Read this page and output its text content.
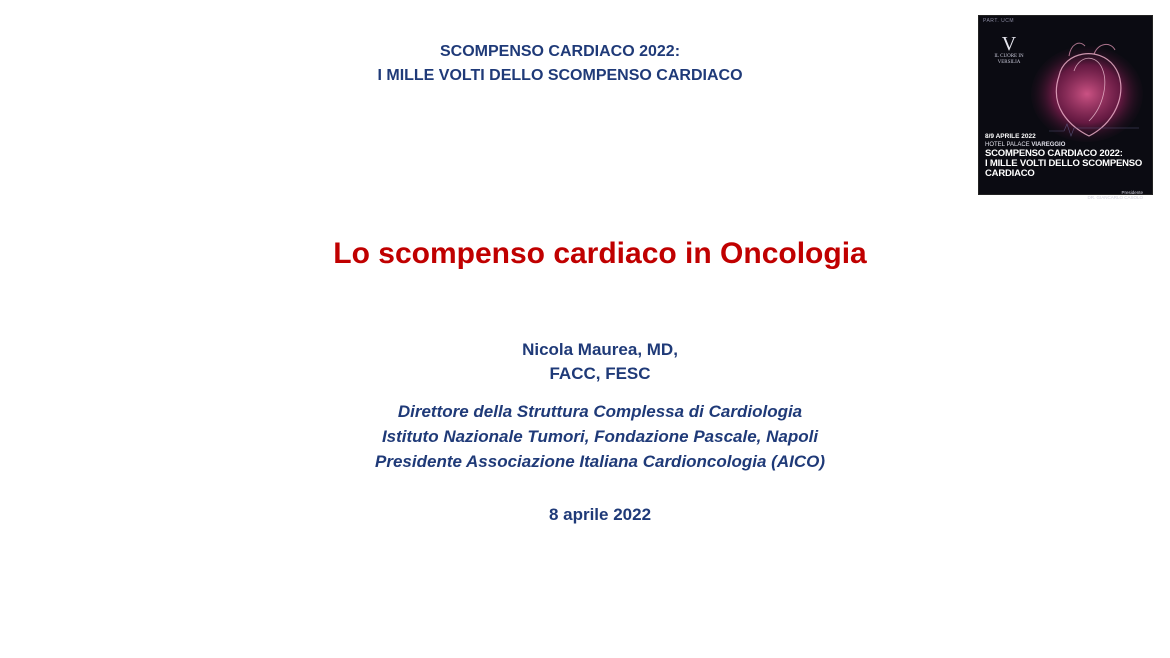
SCOMPENSO CARDIACO 2022:
I MILLE VOLTI DELLO SCOMPENSO CARDIACO
PART. UCM
V
IL CUORE IN
VERSILIA
8/9 APRILE 2022
HOTEL PALACE VIAREGGIO
SCOMPENSO CARDIACO 2022:
I MILLE VOLTI DELLO SCOMPENSO
CARDIACO
Presidente
DR. GIANCARLO CASOLO
Lo scompenso cardiaco in Oncologia
Nicola Maurea, MD,
FACC, FESC
Direttore della Struttura Complessa di Cardiologia
Istituto Nazionale Tumori, Fondazione Pascale, Napoli
Presidente Associazione Italiana Cardioncologia (AICO)
8 aprile 2022
